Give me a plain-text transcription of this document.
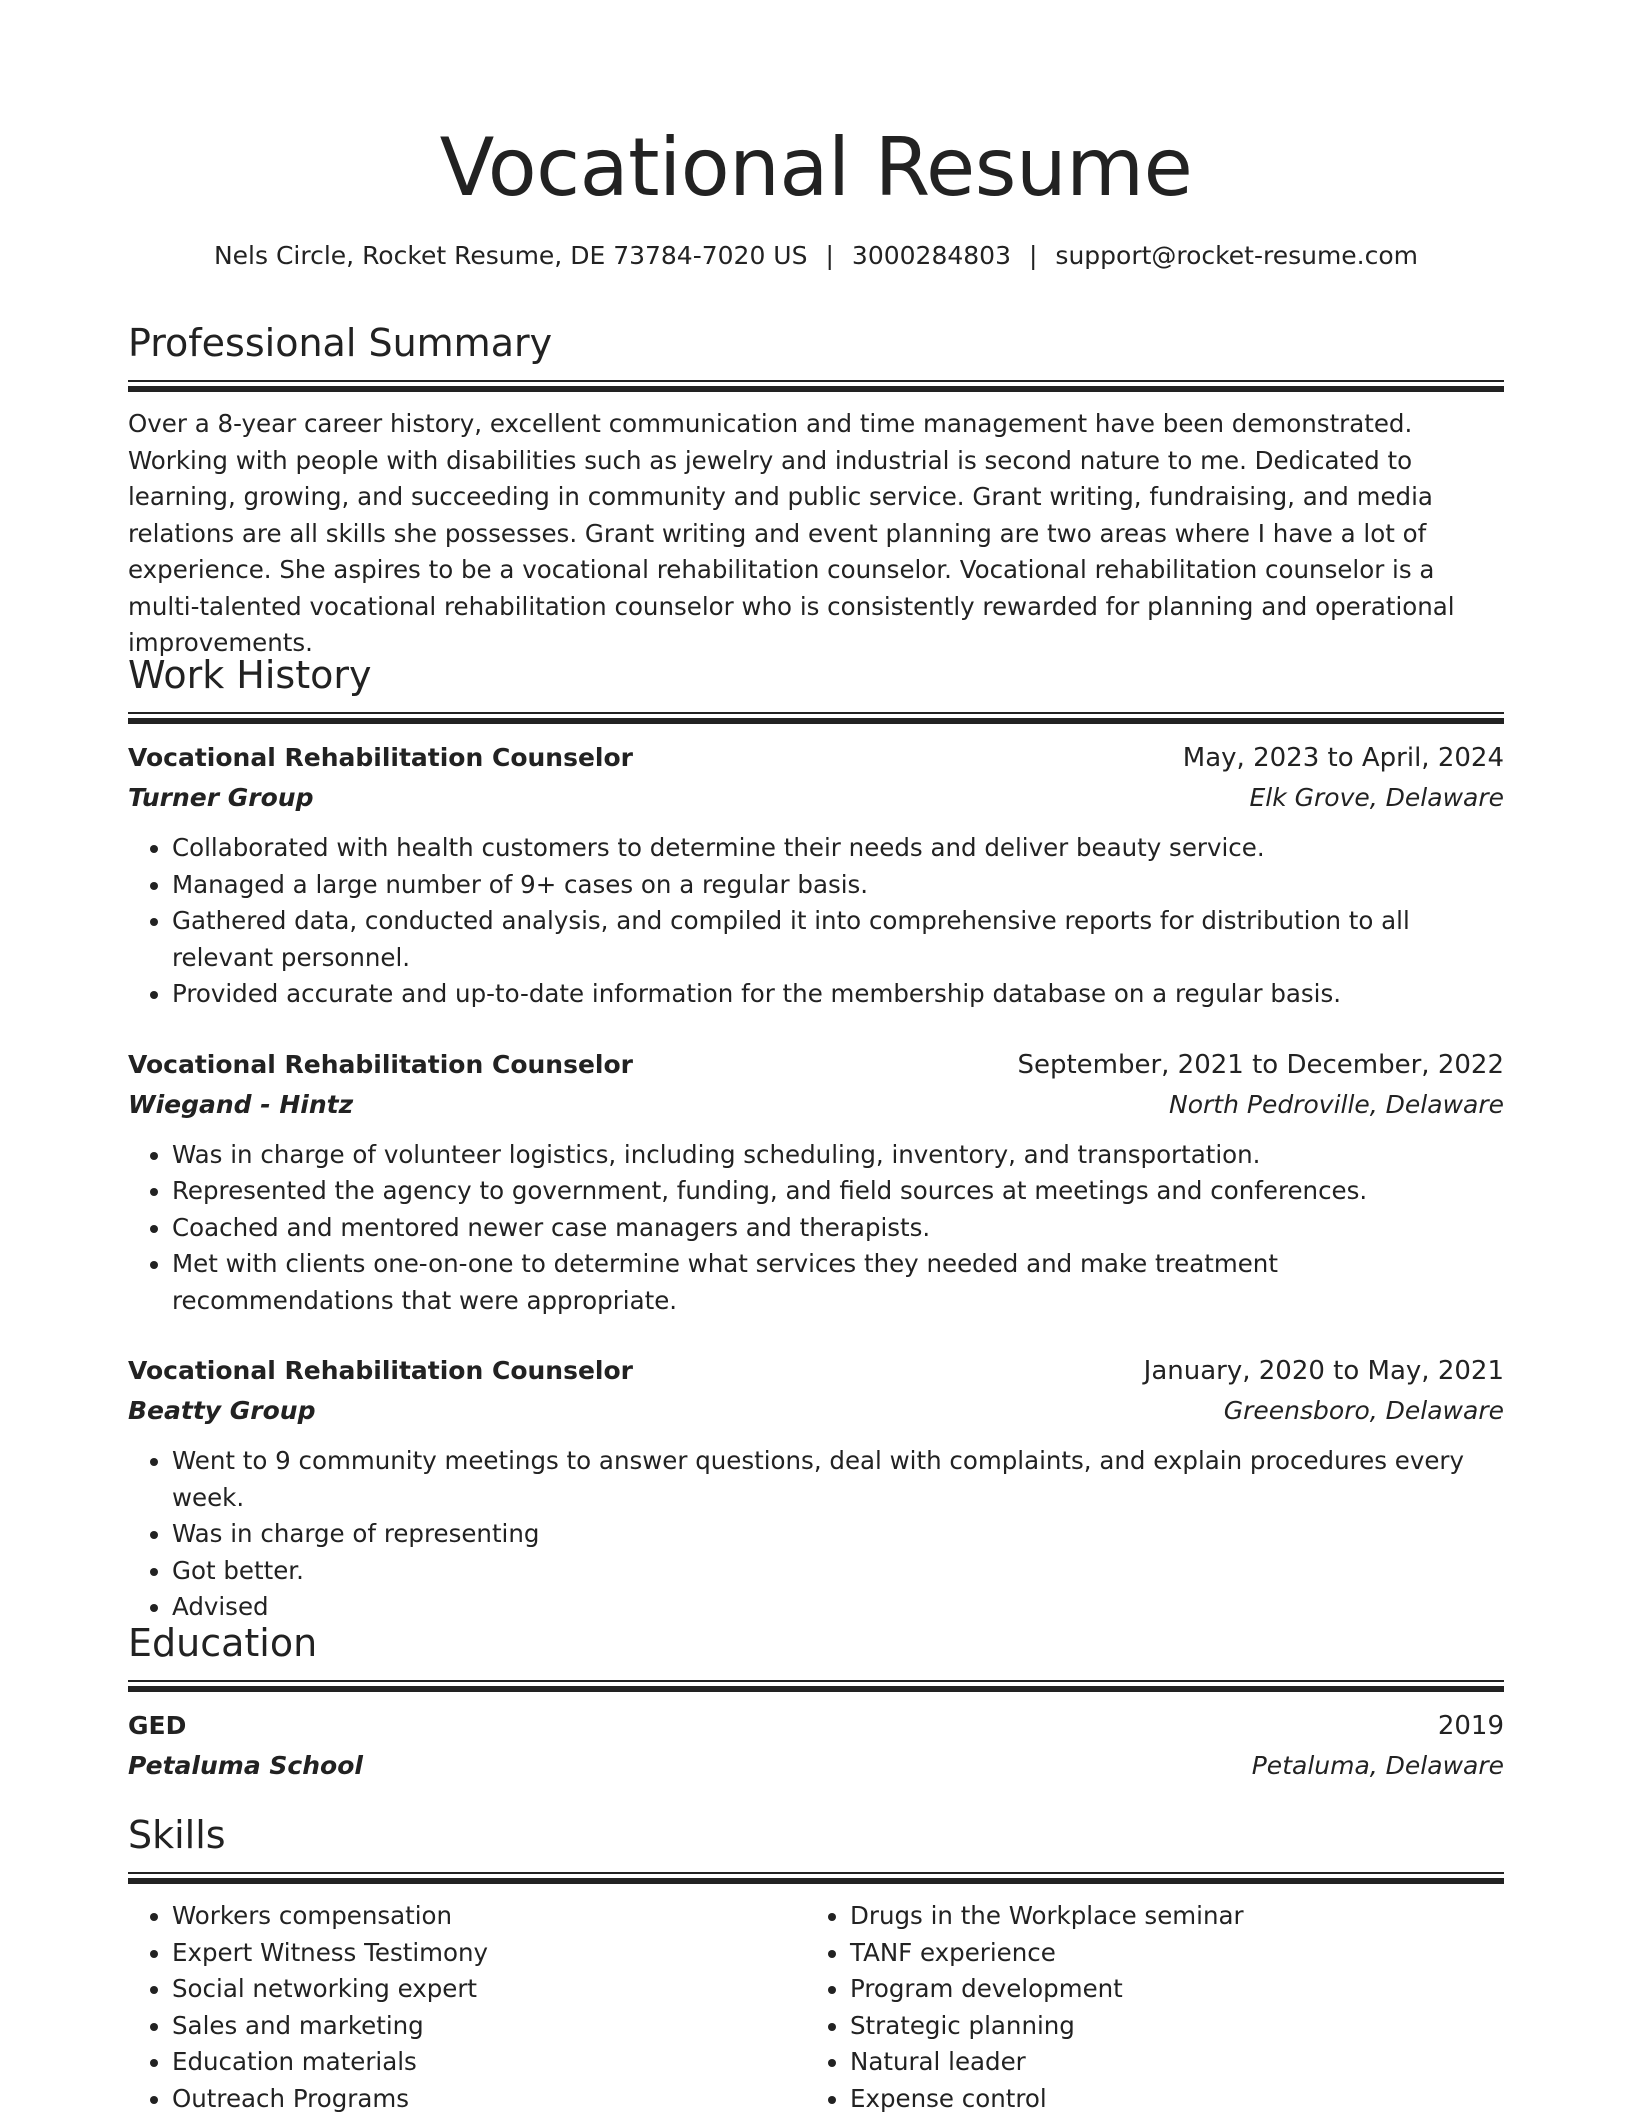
Vocational Resume
Nels Circle, Rocket Resume, DE 73784-7020 US | 3000284803 | support@rocket-resume.com
Professional Summary

Over a 8-year career history, excellent communication and time management have been demonstrated. Working with people with disabilities such as jewelry and industrial is second nature to me. Dedicated to learning, growing, and succeeding in community and public service. Grant writing, fundraising, and media relations are all skills she possesses. Grant writing and event planning are two areas where I have a lot of experience. She aspires to be a vocational rehabilitation counselor. Vocational rehabilitation counselor is a multi-talented vocational rehabilitation counselor who is consistently rewarded for planning and operational improvements.

Work History
Vocational Rehabilitation Counselor	May, 2023 to April, 2024
Turner Group	Elk Grove, Delaware
• Collaborated with health customers to determine their needs and deliver beauty service.
• Managed a large number of 9+ cases on a regular basis.
• Gathered data, conducted analysis, and compiled it into comprehensive reports for distribution to all relevant personnel.
• Provided accurate and up-to-date information for the membership database on a regular basis.
Vocational Rehabilitation Counselor	September, 2021 to December, 2022
Wiegand - Hintz	North Pedroville, Delaware
• Was in charge of volunteer logistics, including scheduling, inventory, and transportation.
• Represented the agency to government, funding, and field sources at meetings and conferences.
• Coached and mentored newer case managers and therapists.
• Met with clients one-on-one to determine what services they needed and make treatment recommendations that were appropriate.
Vocational Rehabilitation Counselor	January, 2020 to May, 2021
Beatty Group	Greensboro, Delaware
• Went to 9 community meetings to answer questions, deal with complaints, and explain procedures every week.
• Was in charge of representing
• Got better.
• Advised
Education
GED	2019
Petaluma School	Petaluma, Delaware
Skills
• Workers compensation
• Expert Witness Testimony
• Social networking expert
• Sales and marketing
• Education materials
• Outreach Programs
• Drugs in the Workplace seminar
• TANF experience
• Program development
• Strategic planning
• Natural leader
• Expense control
